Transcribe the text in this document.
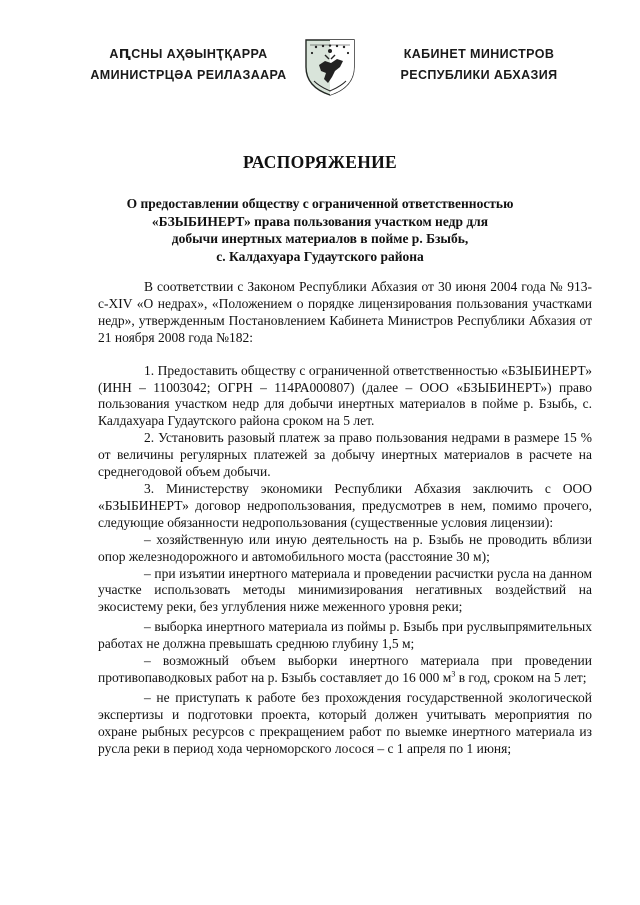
АԤСНЫ АҲӘЫНҬҚАРРА
АМИНИСТРЦӘА РЕИЛАЗААРА
КАБИНЕТ МИНИСТРОВ
РЕСПУБЛИКИ АБХАЗИЯ
РАСПОРЯЖЕНИЕ
О предоставлении обществу с ограниченной ответственностью
«БЗЫБИНЕРТ» права пользования участком недр для
добычи инертных материалов в пойме р. Бзыбь,
с. Калдахуара Гудаутского района

В соответствии с Законом Республики Абхазия от 30 июня 2004 года № 913-с-XIV «О недрах», «Положением о порядке лицензирования пользования участками недр», утвержденным Постановлением Кабинета Министров Республики Абхазия от 21 ноября 2008 года №182:

1. Предоставить обществу с ограниченной ответственностью «БЗЫБИНЕРТ» (ИНН – 11003042; ОГРН – 114РА000807) (далее – ООО «БЗЫБИНЕРТ») право пользования участком недр для добычи инертных материалов в пойме р. Бзыбь, с. Калдахуара Гудаутского района сроком на 5 лет.

2. Установить разовый платеж за право пользования недрами в размере 15 % от величины регулярных платежей за добычу инертных материалов в расчете на среднегодовой объем добычи.

3. Министерству экономики Республики Абхазия заключить с ООО «БЗЫБИНЕРТ» договор недропользования, предусмотрев в нем, помимо прочего, следующие обязанности недропользования (существенные условия лицензии):

– хозяйственную или иную деятельность на р. Бзыбь не проводить вблизи опор железнодорожного и автомобильного моста (расстояние 30 м);

– при изъятии инертного материала и проведении расчистки русла на данном участке использовать методы минимизирования негативных воздействий на экосистему реки, без углубления ниже меженного уровня реки;

– выборка инертного материала из поймы р. Бзыбь при руслвыпрямительных работах не должна превышать среднюю глубину 1,5 м;

– возможный объем выборки инертного материала при проведении противопаводковых работ на р. Бзыбь составляет до 16 000 $м^3$ в год, сроком на 5 лет;

– не приступать к работе без прохождения государственной экологической экспертизы и подготовки проекта, который должен учитывать мероприятия по охране рыбных ресурсов с прекращением работ по выемке инертного материала из русла реки в период хода черноморского лосося – с 1 апреля по 1 июня;
